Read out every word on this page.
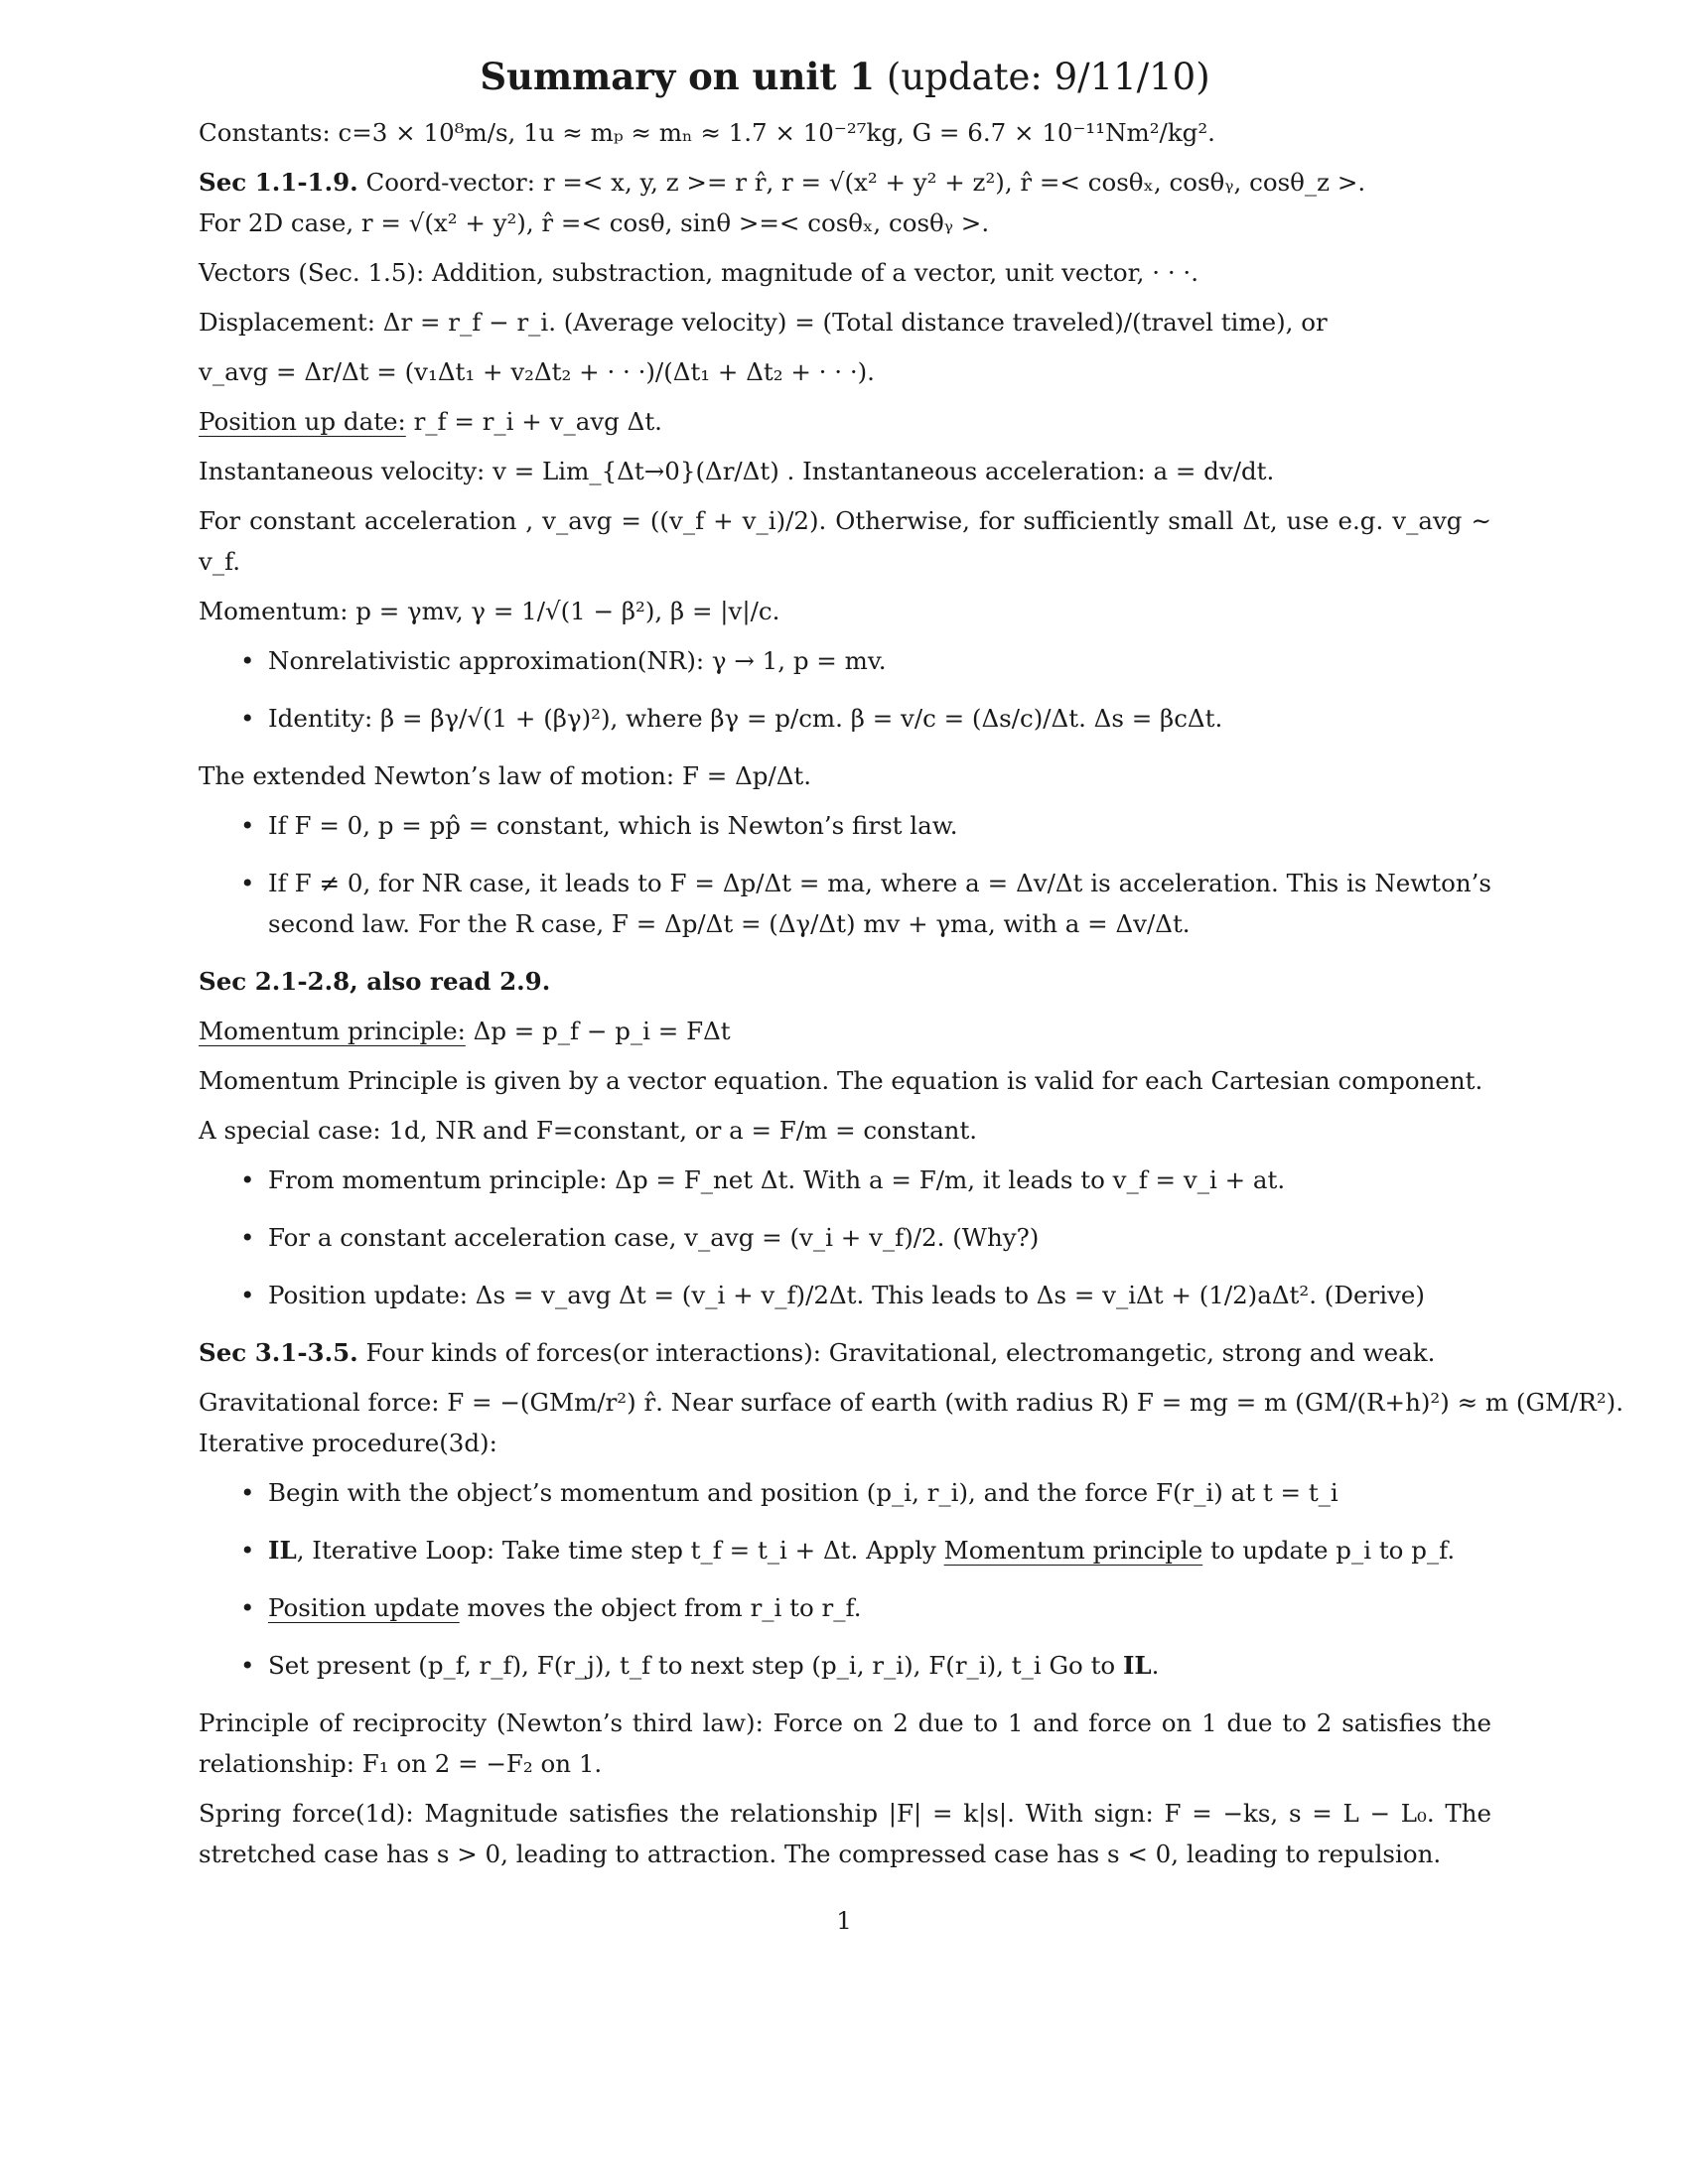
Summary on unit 1 (update: 9/11/10)

Constants: c=3 × 10⁸m/s, 1u ≈ mₚ ≈ mₙ ≈ 1.7 × 10⁻²⁷kg, G = 6.7 × 10⁻¹¹Nm²/kg².

Sec 1.1-1.9. Coord-vector: r =< x, y, z >= r r̂, r = √(x² + y² + z²), r̂ =< cosθₓ, cosθᵧ, cosθ_z >.

For 2D case, r = √(x² + y²), r̂ =< cosθ, sinθ >=< cosθₓ, cosθᵧ >.

Vectors (Sec. 1.5): Addition, substraction, magnitude of a vector, unit vector, · · ·.

Displacement: Δr = r_f − r_i. (Average velocity) = (Total distance traveled)/(travel time), or

v_avg = Δr/Δt = (v₁Δt₁ + v₂Δt₂ + · · ·)/(Δt₁ + Δt₂ + · · ·).

Position up date: r_f = r_i + v_avg Δt.

Instantaneous velocity: v = Lim_{Δt→0}(Δr/Δt) . Instantaneous acceleration: a = dv/dt.

For constant acceleration , v_avg = ((v_f + v_i)/2). Otherwise, for sufficiently small Δt, use e.g. v_avg ∼ v_f.

Momentum: p = γmv, γ = 1/√(1 − β²), β = |v|/c.

• Nonrelativistic approximation(NR): γ → 1, p = mv.
• Identity: β = βγ/√(1 + (βγ)²), where βγ = p/cm. β = v/c = (Δs/c)/Δt. Δs = βcΔt.

The extended Newton’s law of motion: F = Δp/Δt.

• If F = 0, p = pp̂ = constant, which is Newton’s first law.
• If F ≠ 0, for NR case, it leads to F = Δp/Δt = ma, where a = Δv/Δt is acceleration. This is Newton’s second law. For the R case, F = Δp/Δt = (Δγ/Δt) mv + γma, with a = Δv/Δt.

Sec 2.1-2.8, also read 2.9.

Momentum principle: Δp = p_f − p_i = FΔt

Momentum Principle is given by a vector equation. The equation is valid for each Cartesian component.

A special case: 1d, NR and F=constant, or a = F/m = constant.

• From momentum principle: Δp = F_net Δt. With a = F/m, it leads to v_f = v_i + at.
• For a constant acceleration case, v_avg = (v_i + v_f)/2. (Why?)
• Position update: Δs = v_avg Δt = (v_i + v_f)/2Δt. This leads to Δs = v_iΔt + (1/2)aΔt². (Derive)

Sec 3.1-3.5. Four kinds of forces(or interactions): Gravitational, electromangetic, strong and weak.

Gravitational force: F = −(GMm/r²) r̂. Near surface of earth (with radius R) F = mg = m (GM/(R+h)²) ≈ m (GM/R²).

Iterative procedure(3d):

• Begin with the object’s momentum and position (p_i, r_i), and the force F(r_i) at t = t_i
• IL, Iterative Loop: Take time step t_f = t_i + Δt. Apply Momentum principle to update p_i to p_f.
• Position update moves the object from r_i to r_f.
• Set present (p_f, r_f), F(r_j), t_f to next step (p_i, r_i), F(r_i), t_i Go to IL.

Principle of reciprocity (Newton’s third law): Force on 2 due to 1 and force on 1 due to 2 satisfies the relationship: F₁ on 2 = −F₂ on 1.

Spring force(1d): Magnitude satisfies the relationship |F| = k|s|. With sign: F = −ks, s = L − L₀. The stretched case has s > 0, leading to attraction. The compressed case has s < 0, leading to repulsion.

1
